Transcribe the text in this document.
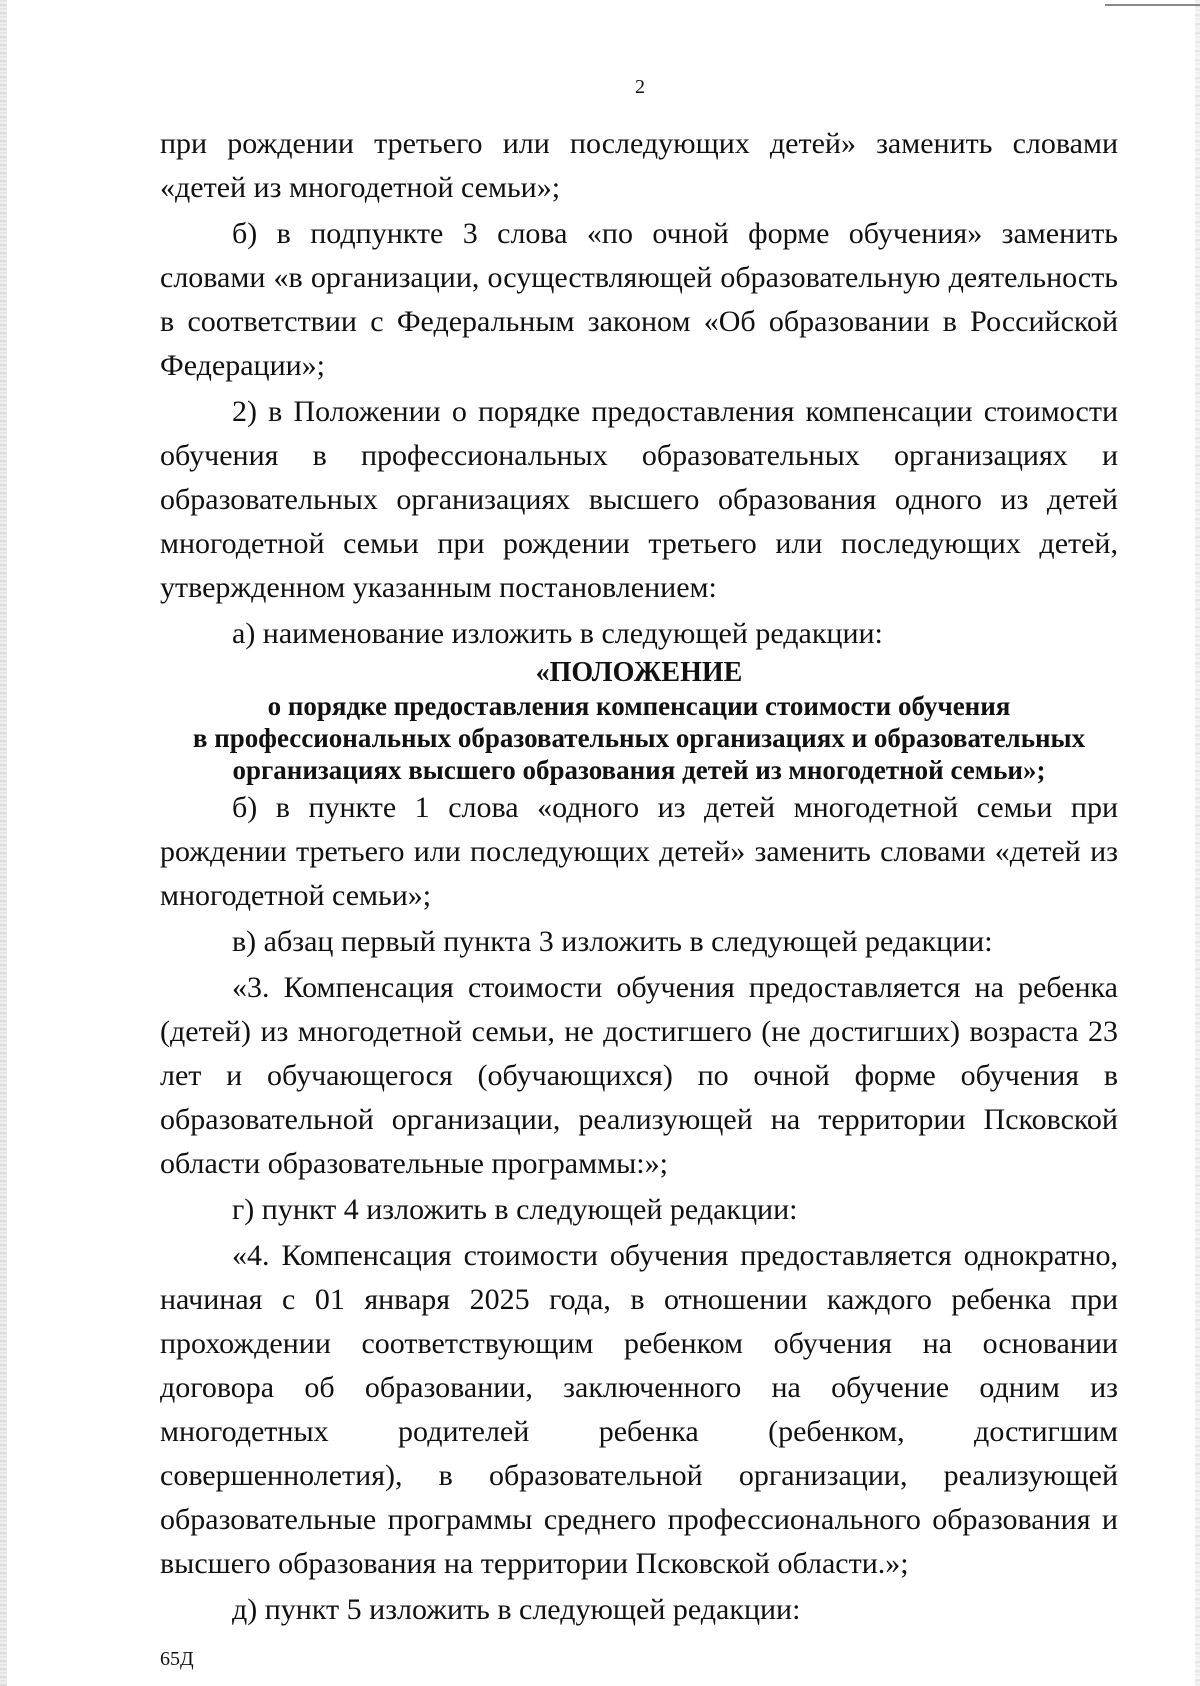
2

при рождении третьего или последующих детей» заменить словами «детей из многодетной семьи»;

б) в подпункте 3 слова «по очной форме обучения» заменить словами «в организации, осуществляющей образовательную деятельность в соответствии с Федеральным законом «Об образовании в Российской Федерации»;

2) в Положении о порядке предоставления компенсации стоимости обучения в профессиональных образовательных организациях и образовательных организациях высшего образования одного из детей многодетной семьи при рождении третьего или последующих детей, утвержденном указанным постановлением:

а) наименование изложить в следующей редакции:

«ПОЛОЖЕНИЕ

о порядке предоставления компенсации стоимости обучения

в профессиональных образовательных организациях и образовательных

организациях высшего образования детей из многодетной семьи»;

б) в пункте 1 слова «одного из детей многодетной семьи при рождении третьего или последующих детей» заменить словами «детей из многодетной семьи»;

в) абзац первый пункта 3 изложить в следующей редакции:

«3. Компенсация стоимости обучения предоставляется на ребенка (детей) из многодетной семьи, не достигшего (не достигших) возраста 23 лет и обучающегося (обучающихся) по очной форме обучения в образовательной организации, реализующей на территории Псковской области образовательные программы:»;

г) пункт 4 изложить в следующей редакции:

«4. Компенсация стоимости обучения предоставляется однократно, начиная с 01 января 2025 года, в отношении каждого ребенка при прохождении соответствующим ребенком обучения на основании договора об образовании, заключенного на обучение одним из многодетных родителей ребенка (ребенком, достигшим совершеннолетия), в образовательной организации, реализующей образовательные программы среднего профессионального образования и высшего образования на территории Псковской области.»;

д) пункт 5 изложить в следующей редакции:

65Д
